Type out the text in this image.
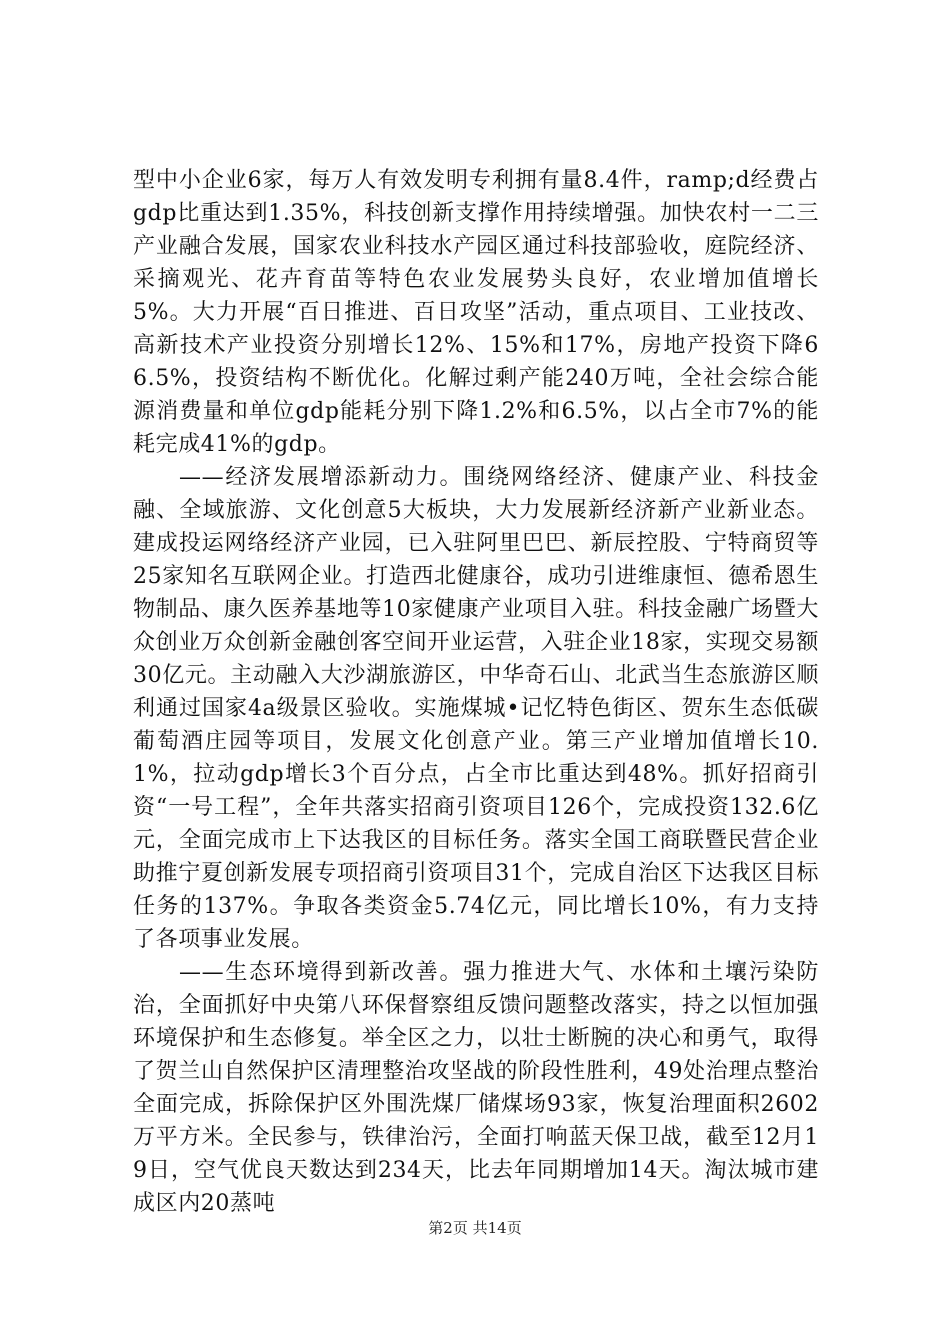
型中小企业6家，每万人有效发明专利拥有量8.4件，ramp;d经费占gdp比重达到1.35%，科技创新支撑作用持续增强。加快农村一二三产业融合发展，国家农业科技水产园区通过科技部验收，庭院经济、采摘观光、花卉育苗等特色农业发展势头良好，农业增加值增长5%。大力开展“百日推进、百日攻坚”活动，重点项目、工业技改、高新技术产业投资分别增长12%、15%和17%，房地产投资下降66.5%，投资结构不断优化。化解过剩产能240万吨，全社会综合能源消费量和单位gdp能耗分别下降1.2%和6.5%，以占全市7%的能耗完成41%的gdp。

——经济发展增添新动力。围绕网络经济、健康产业、科技金融、全域旅游、文化创意5大板块，大力发展新经济新产业新业态。建成投运网络经济产业园，已入驻阿里巴巴、新辰控股、宁特商贸等25家知名互联网企业。打造西北健康谷，成功引进维康恒、德希恩生物制品、康久医养基地等10家健康产业项目入驻。科技金融广场暨大众创业万众创新金融创客空间开业运营，入驻企业18家，实现交易额30亿元。主动融入大沙湖旅游区，中华奇石山、北武当生态旅游区顺利通过国家4a级景区验收。实施煤城•记忆特色街区、贺东生态低碳葡萄酒庄园等项目，发展文化创意产业。第三产业增加值增长10.1%，拉动gdp增长3个百分点，占全市比重达到48%。抓好招商引资“一号工程”，全年共落实招商引资项目126个，完成投资132.6亿元，全面完成市上下达我区的目标任务。落实全国工商联暨民营企业助推宁夏创新发展专项招商引资项目31个，完成自治区下达我区目标任务的137%。争取各类资金5.74亿元，同比增长10%，有力支持了各项事业发展。

——生态环境得到新改善。强力推进大气、水体和土壤污染防治，全面抓好中央第八环保督察组反馈问题整改落实，持之以恒加强环境保护和生态修复。举全区之力，以壮士断腕的决心和勇气，取得了贺兰山自然保护区清理整治攻坚战的阶段性胜利，49处治理点整治全面完成，拆除保护区外围洗煤厂储煤场93家，恢复治理面积2602万平方米。全民参与，铁律治污，全面打响蓝天保卫战，截至12月19日，空气优良天数达到234天，比去年同期增加14天。淘汰城市建成区内20蒸吨

第2页 共14页
